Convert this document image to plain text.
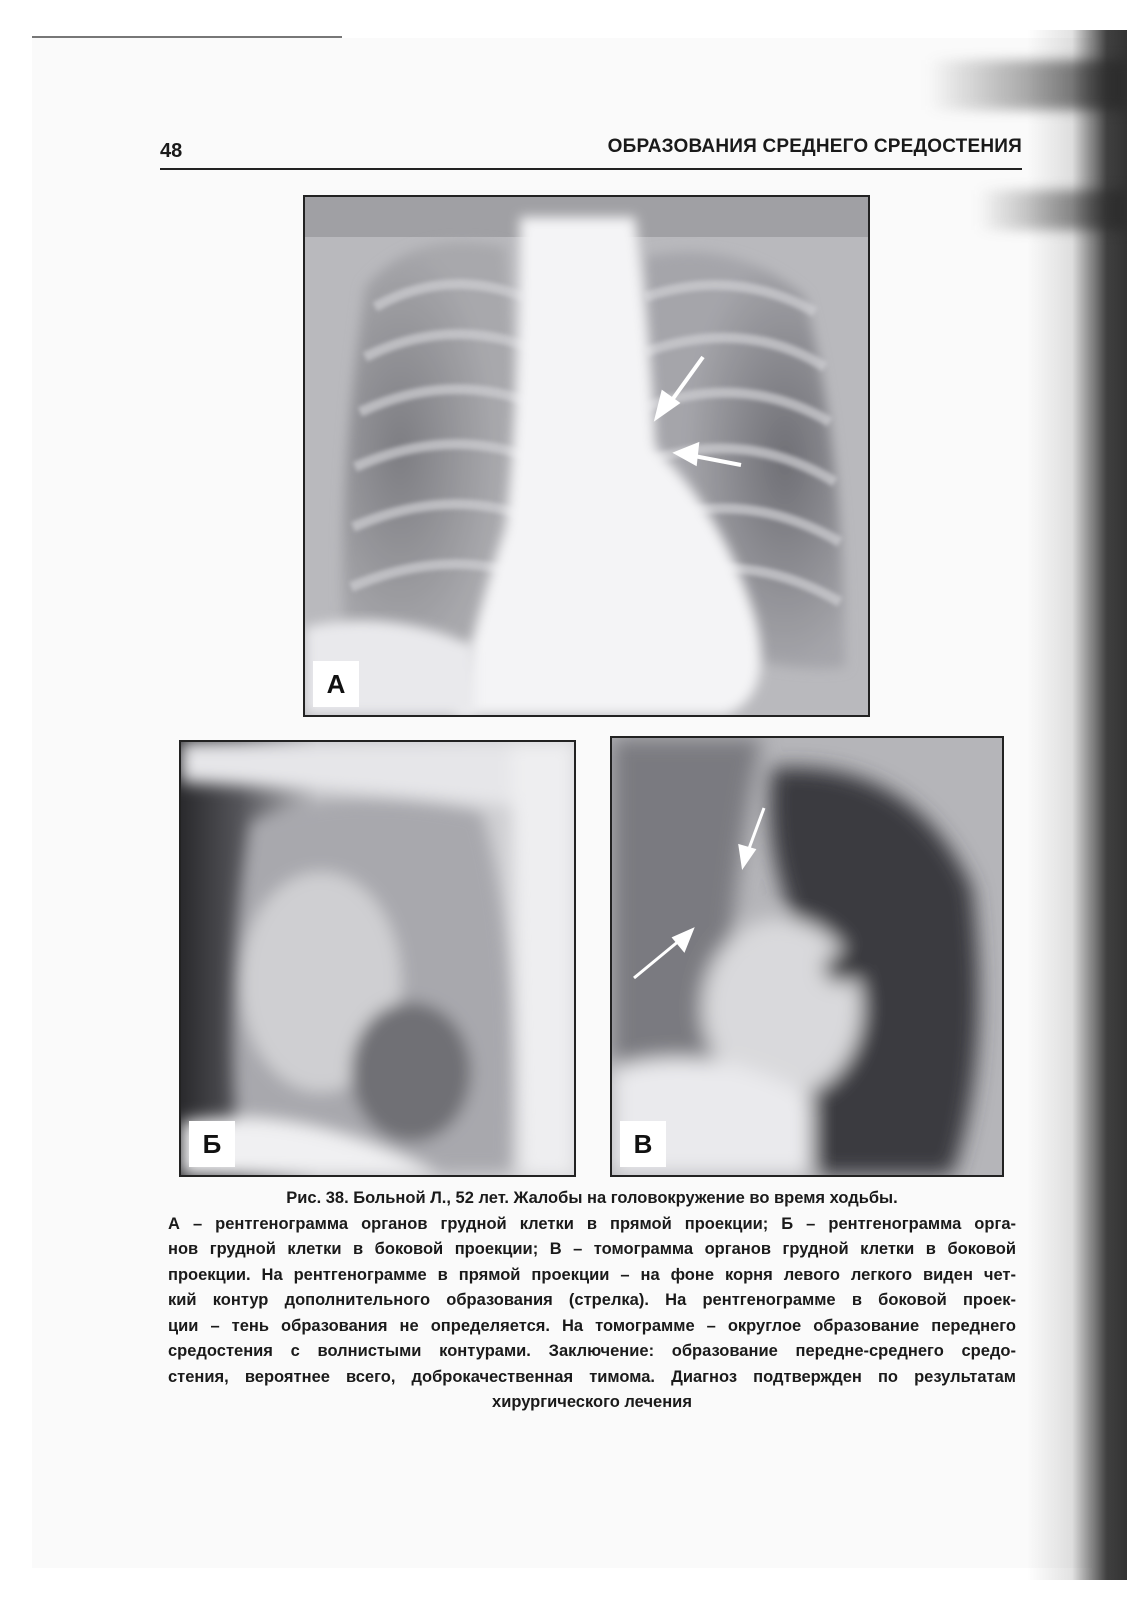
48	ОБРАЗОВАНИЯ СРЕДНЕГО СРЕДОСТЕНИЯ
А
Б	В
Рис. 38. Больной Л., 52 лет. Жалобы на головокружение во время ходьбы.
А – рентгенограмма органов грудной клетки в прямой проекции; Б – рентгенограмма орга-
нов грудной клетки в боковой проекции; В – томограмма органов грудной клетки в боковой
проекции. На рентгенограмме в прямой проекции – на фоне корня левого легкого виден чет-
кий контур дополнительного образования (стрелка). На рентгенограмме в боковой проек-
ции – тень образования не определяется. На томограмме – округлое образование переднего
средостения с волнистыми контурами. Заключение: образование передне-среднего средо-
стения, вероятнее всего, доброкачественная тимома. Диагноз подтвержден по результатам
хирургического лечения
